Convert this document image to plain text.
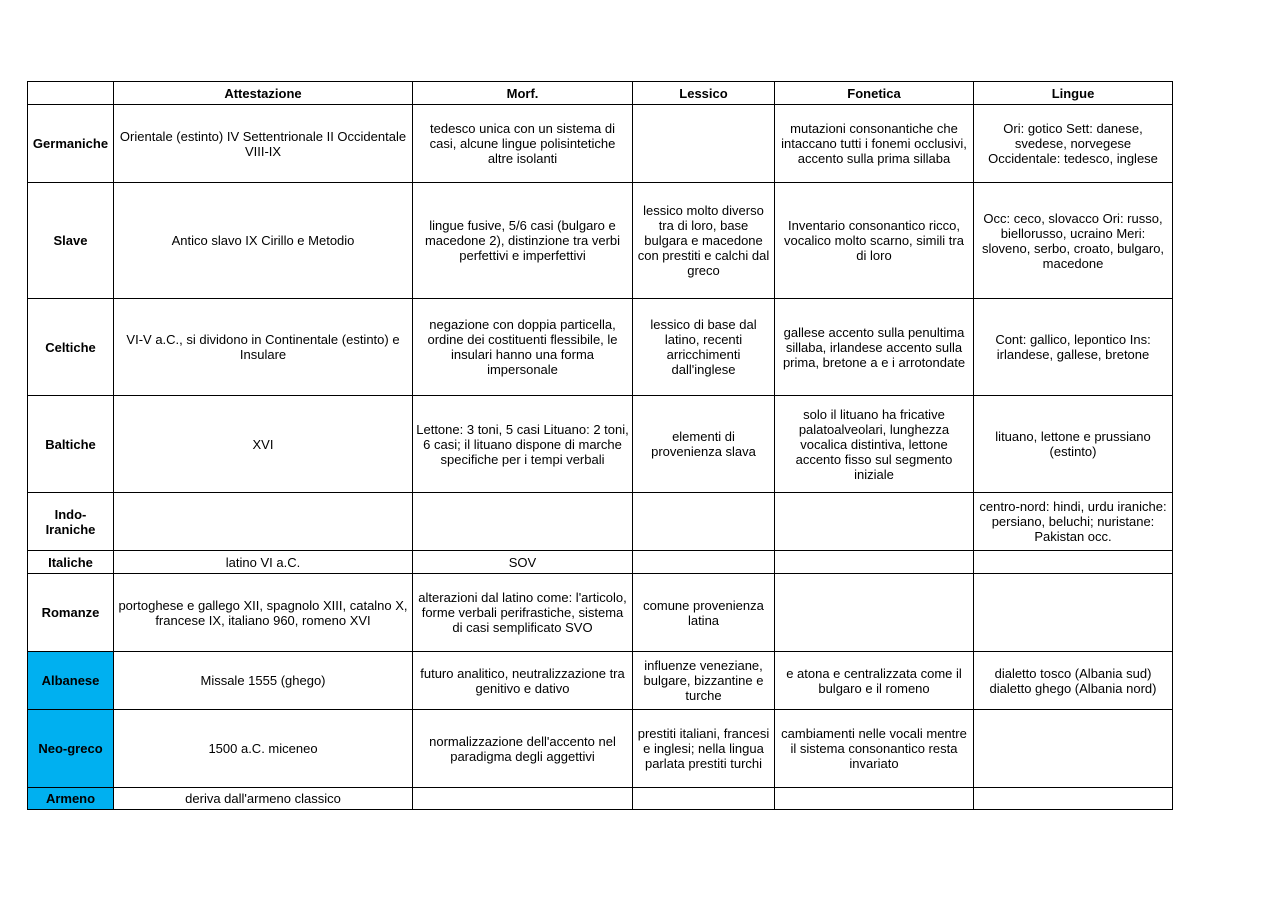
	Attestazione	Morf.	Lessico	Fonetica	Lingue
Germaniche	Orientale (estinto) IV Settentrionale II Occidentale VIII-IX	tedesco unica con un sistema di casi, alcune lingue polisintetiche altre isolanti		mutazioni consonantiche che intaccano tutti i fonemi occlusivi, accento sulla prima sillaba	Ori: gotico Sett: danese, svedese, norvegese Occidentale: tedesco, inglese
Slave	Antico slavo IX Cirillo e Metodio	lingue fusive, 5/6 casi (bulgaro e macedone 2), distinzione tra verbi perfettivi e imperfettivi	lessico molto diverso tra di loro, base bulgara e macedone con prestiti e calchi dal greco	Inventario consonantico ricco, vocalico molto scarno, simili tra di loro	Occ: ceco, slovacco Ori: russo, biellorusso, ucraino Meri: sloveno, serbo, croato, bulgaro, macedone
Celtiche	VI-V a.C., si dividono in Continentale (estinto) e Insulare	negazione con doppia particella, ordine dei costituenti flessibile, le insulari hanno una forma impersonale	lessico di base dal latino, recenti arricchimenti dall'inglese	gallese accento sulla penultima sillaba, irlandese accento sulla prima, bretone a e i arrotondate	Cont: gallico, lepontico Ins: irlandese, gallese, bretone
Baltiche	XVI	Lettone: 3 toni, 5 casi Lituano: 2 toni, 6 casi; il lituano dispone di marche specifiche per i tempi verbali	elementi di provenienza slava	solo il lituano ha fricative palatoalveolari, lunghezza vocalica distintiva, lettone accento fisso sul segmento iniziale	lituano, lettone e prussiano (estinto)
Indo-Iraniche					centro-nord: hindi, urdu iraniche: persiano, beluchi; nuristane: Pakistan occ.
Italiche	latino VI a.C.	SOV			
Romanze	portoghese e gallego XII, spagnolo XIII, catalno X, francese IX, italiano 960, romeno XVI	alterazioni dal latino come: l'articolo, forme verbali perifrastiche, sistema di casi semplificato SVO	comune provenienza latina		
Albanese	Missale 1555 (ghego)	futuro analitico, neutralizzazione tra genitivo e dativo	influenze veneziane, bulgare, bizzantine e turche	e atona e centralizzata come il bulgaro e il romeno	dialetto tosco (Albania sud) dialetto ghego (Albania nord)
Neo-greco	1500 a.C. miceneo	normalizzazione dell'accento nel paradigma degli aggettivi	prestiti italiani, francesi e inglesi; nella lingua parlata prestiti turchi	cambiamenti nelle vocali mentre il sistema consonantico resta invariato	
Armeno	deriva dall'armeno classico				
